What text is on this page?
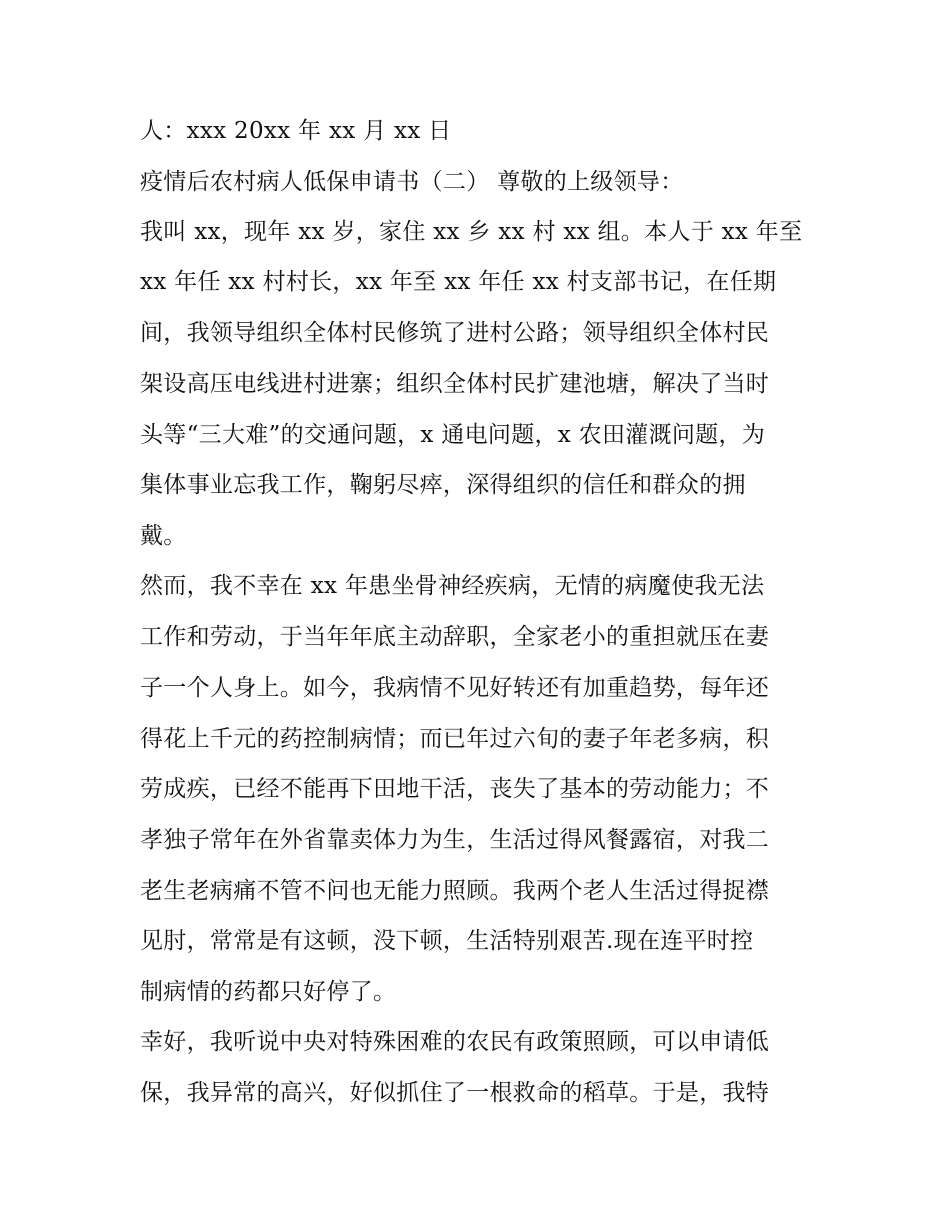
人：xxx 20xx 年 xx 月 xx 日
疫情后农村病人低保申请书（二） 尊敬的上级领导：
我叫 xx，现年 xx 岁，家住 xx 乡 xx 村 xx 组。本人于 xx 年至
xx 年任 xx 村村长，xx 年至 xx 年任 xx 村支部书记，在任期
间，我领导组织全体村民修筑了进村公路；领导组织全体村民
架设高压电线进村进寨；组织全体村民扩建池塘，解决了当时
头等“三大难”的交通问题，x 通电问题，x 农田灌溉问题，为
集体事业忘我工作，鞠躬尽瘁，深得组织的信任和群众的拥
戴。
然而，我不幸在 xx 年患坐骨神经疾病，无情的病魔使我无法
工作和劳动，于当年年底主动辞职，全家老小的重担就压在妻
子一个人身上。如今，我病情不见好转还有加重趋势，每年还
得花上千元的药控制病情；而已年过六旬的妻子年老多病，积
劳成疾，已经不能再下田地干活，丧失了基本的劳动能力；不
孝独子常年在外省靠卖体力为生，生活过得风餐露宿，对我二
老生老病痛不管不问也无能力照顾。我两个老人生活过得捉襟
见肘，常常是有这顿，没下顿，生活特别艰苦.现在连平时控
制病情的药都只好停了。
幸好，我听说中央对特殊困难的农民有政策照顾，可以申请低
保，我异常的高兴，好似抓住了一根救命的稻草。于是，我特
